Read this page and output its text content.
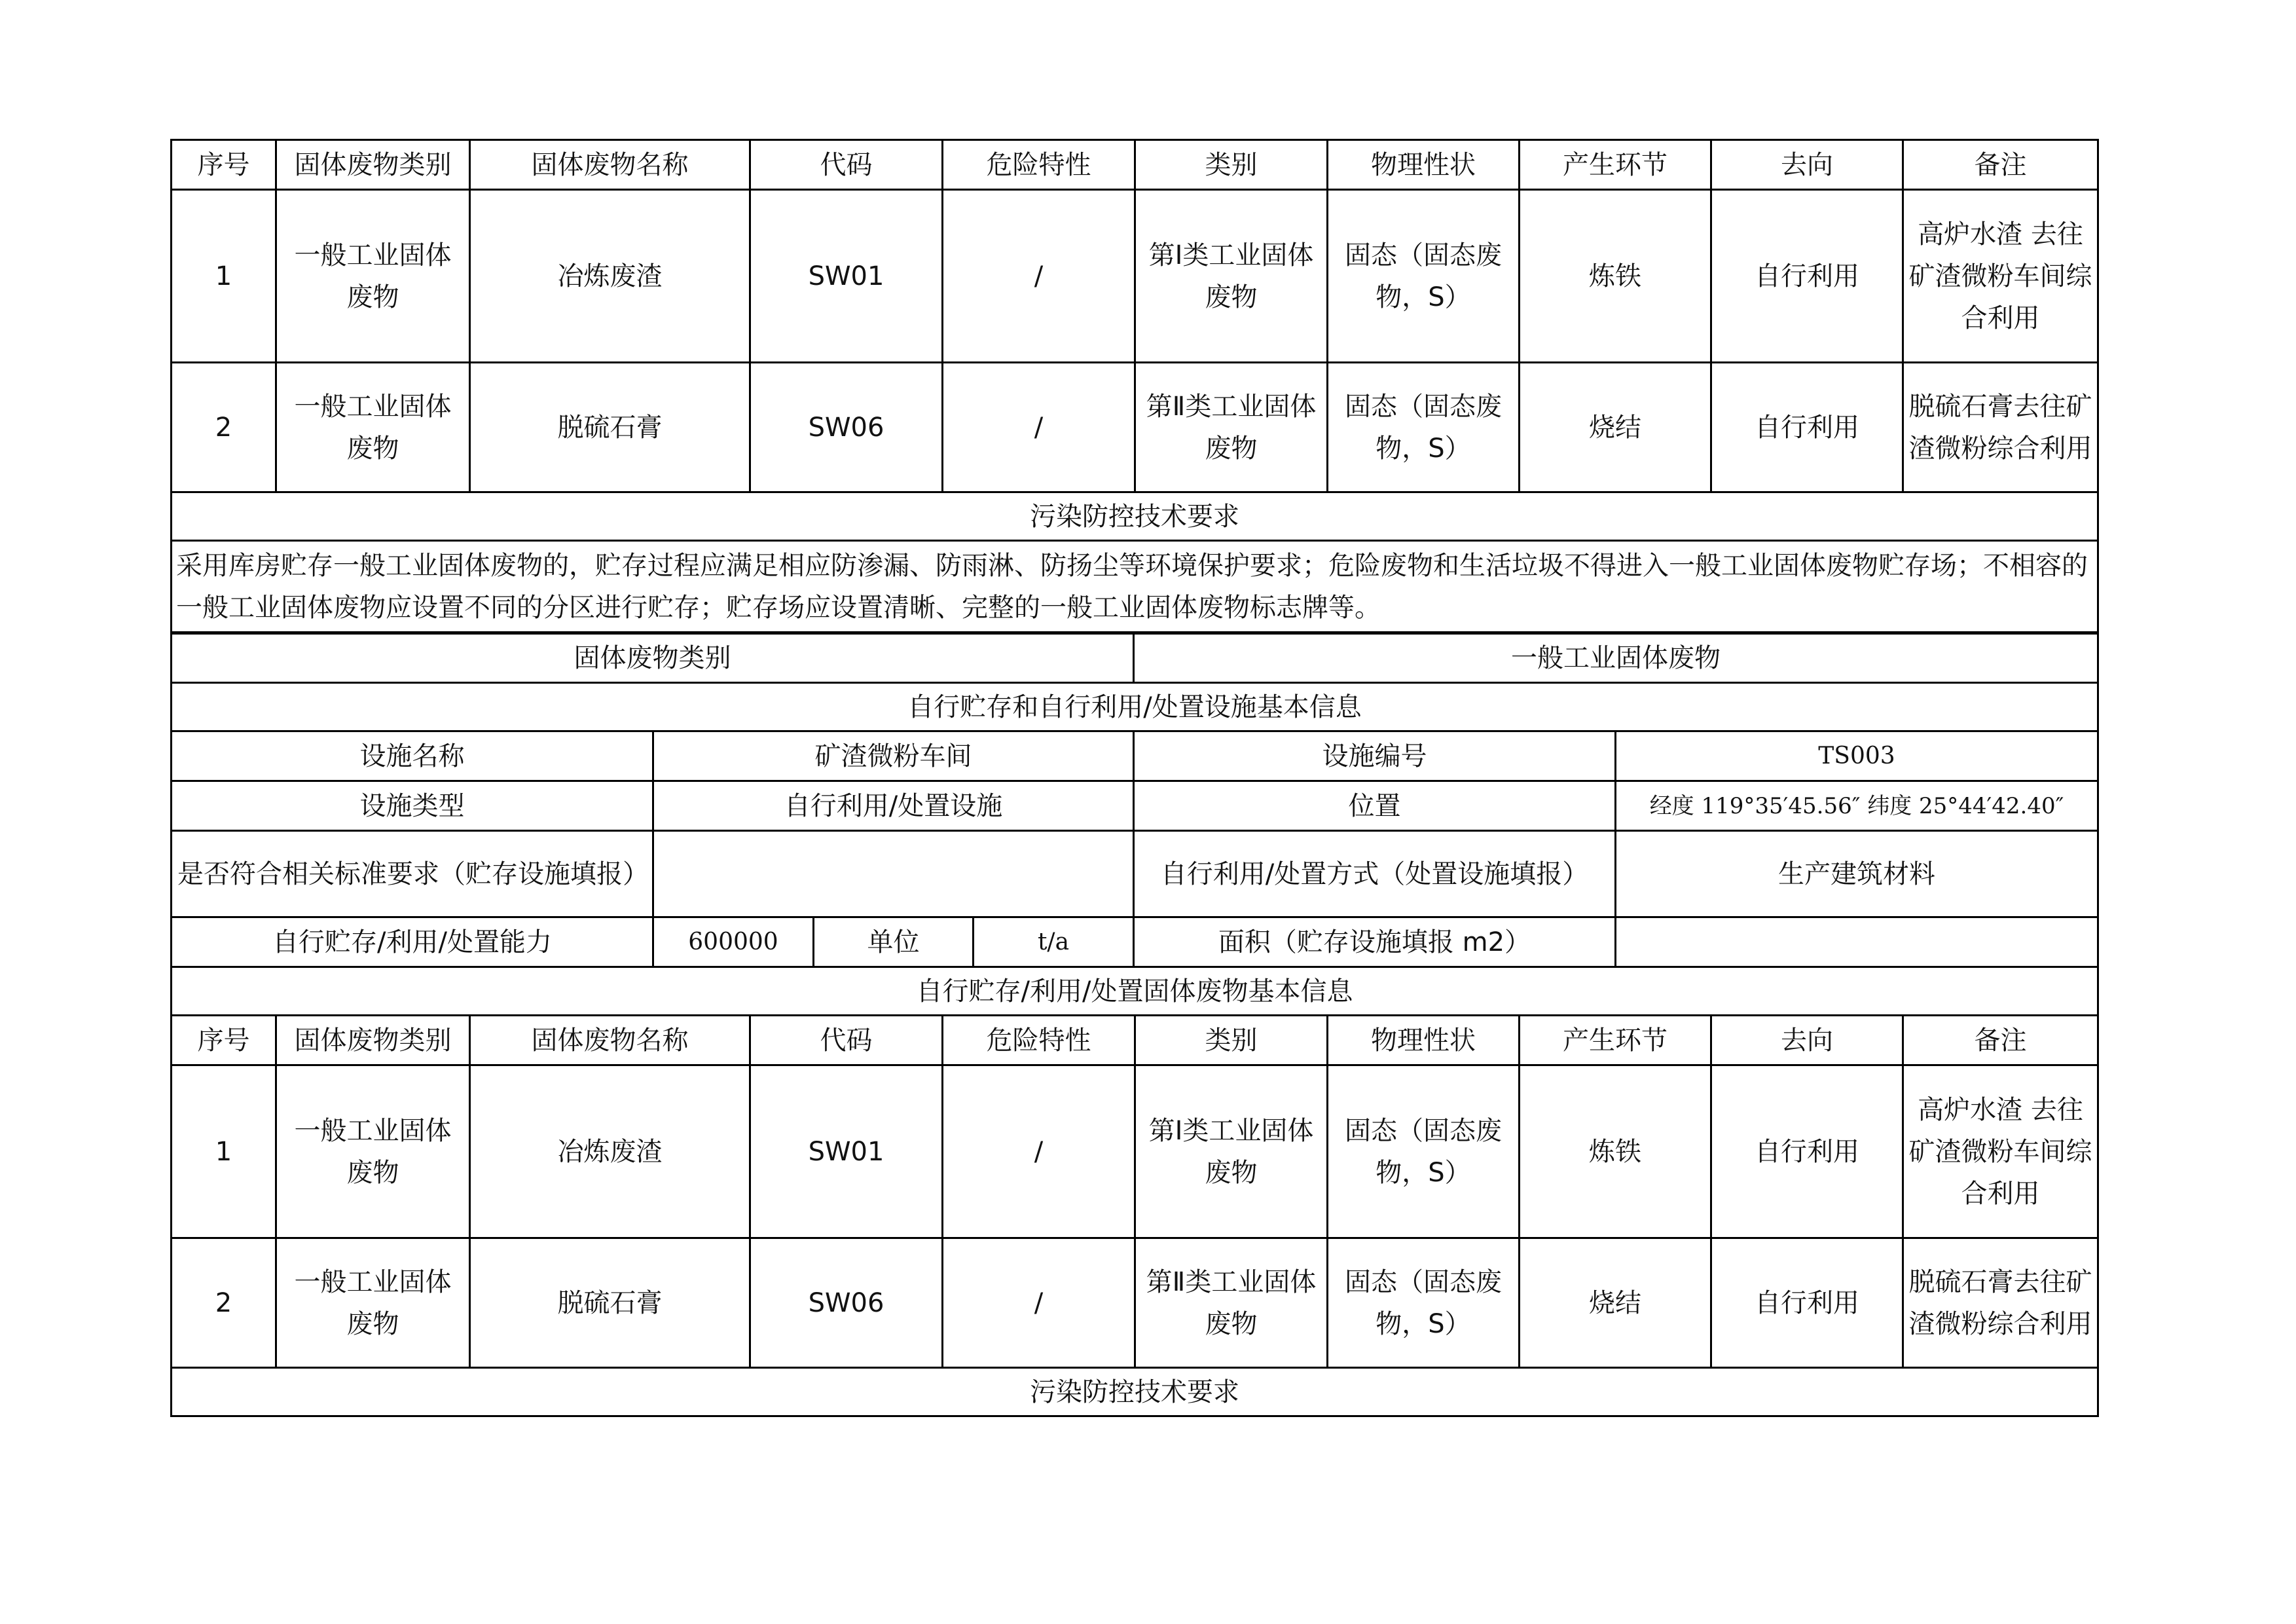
序号	固体废物类别	固体废物名称	代码	危险特性	类别	物理性状	产生环节	去向	备注
1	一般工业固体废物	冶炼废渣	SW01	/	第Ⅰ类工业固体废物	固态（固态废物，S）	炼铁	自行利用	高炉水渣 去往矿渣微粉车间综合利用
2	一般工业固体废物	脱硫石膏	SW06	/	第Ⅱ类工业固体废物	固态（固态废物，S）	烧结	自行利用	脱硫石膏去往矿渣微粉综合利用
污染防控技术要求									
采用库房贮存一般工业固体废物的，贮存过程应满足相应防渗漏、防雨淋、防扬尘等环境保护要求；危险废物和生活垃圾不得进入一般工业固体废物贮存场；不相容的一般工业固体废物应设置不同的分区进行贮存；贮存场应设置清晰、完整的一般工业固体废物标志牌等。									
固体废物类别				一般工业固体废物	
自行贮存和自行利用/处置设施基本信息					
设施名称	矿渣微粉车间			设施编号	TS003
设施类型	自行利用/处置设施			位置	经度 119°35′45.56″ 纬度 25°44′42.40″
是否符合相关标准要求（贮存设施填报）				自行利用/处置方式（处置设施填报）	生产建筑材料
自行贮存/利用/处置能力	600000	单位	t/a	面积（贮存设施填报 m2）	
自行贮存/利用/处置固体废物基本信息					
序号	固体废物类别	固体废物名称	代码	危险特性	类别	物理性状	产生环节	去向	备注
1	一般工业固体废物	冶炼废渣	SW01	/	第Ⅰ类工业固体废物	固态（固态废物，S）	炼铁	自行利用	高炉水渣 去往矿渣微粉车间综合利用
2	一般工业固体废物	脱硫石膏	SW06	/	第Ⅱ类工业固体废物	固态（固态废物，S）	烧结	自行利用	脱硫石膏去往矿渣微粉综合利用
污染防控技术要求									
